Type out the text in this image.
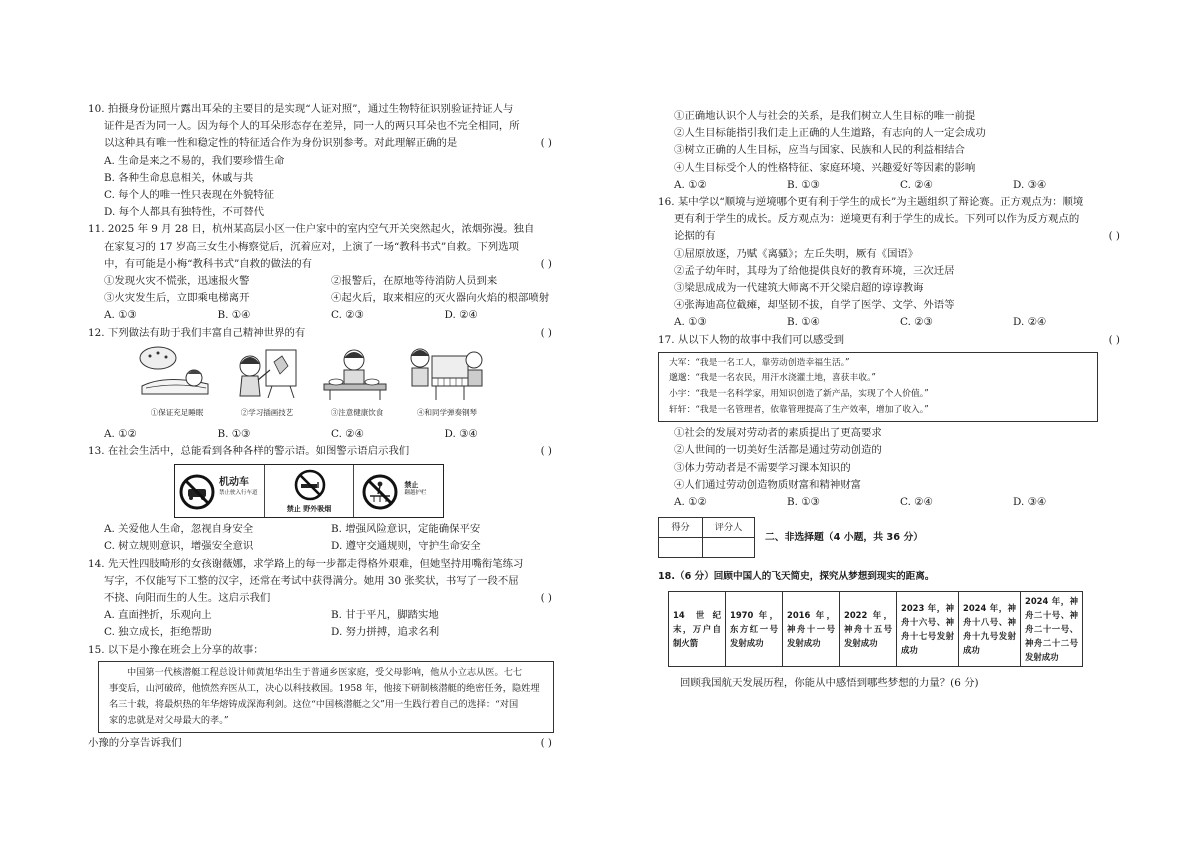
10. 拍摄身份证照片露出耳朵的主要目的是实现“人证对照”，通过生物特征识别验证持证人与
证件是否为同一人。因为每个人的耳朵形态存在差异，同一人的两只耳朵也不完全相同，所
以这种具有唯一性和稳定性的特征适合作为身份识别参考。对此理解正确的是	( )
A. 生命是来之不易的，我们要珍惜生命
B. 各种生命息息相关，休戚与共
C. 每个人的唯一性只表现在外貌特征
D. 每个人都具有独特性，不可替代
11. 2025 年 9 月 28 日，杭州某高层小区一住户家中的室内空气开关突然起火，浓烟弥漫。独自
在家复习的 17 岁高三女生小梅察觉后，沉着应对，上演了一场“教科书式”自救。下列选项
中，有可能是小梅“教科书式”自救的做法的有	( )
①发现火灾不慌张，迅速报火警	②报警后，在原地等待消防人员到来
③火灾发生后，立即乘电梯离开	④起火后，取来相应的灭火器向火焰的根部喷射
A. ①③	B. ①④	C. ②③	D. ②④
12. 下列做法有助于我们丰富自己精神世界的有	( )
①保证充足睡眠	②学习插画技艺	③注意健康饮食	④和同学弹奏钢琴
A. ①②	B. ①③	C. ②④	D. ③④
13. 在社会生活中，总能看到各种各样的警示语。如图警示语启示我们	( )
机动车
禁止驶入行车道
禁止 野外吸烟
禁止
翻越护栏
A. 关爱他人生命，忽视自身安全	B. 增强风险意识，定能确保平安
C. 树立规则意识，增强安全意识	D. 遵守交通规则，守护生命安全
14. 先天性四肢畸形的女孩谢薇娜，求学路上的每一步都走得格外艰难，但她坚持用嘴衔笔练习
写字，不仅能写下工整的汉字，还常在考试中获得满分。她用 30 张奖状，书写了一段不屈
不挠、向阳而生的人生。这启示我们	( )
A. 直面挫折，乐观向上	B. 甘于平凡，脚踏实地
C. 独立成长，拒绝帮助	D. 努力拼搏，追求名利
15. 以下是小豫在班会上分享的故事：
中国第一代核潜艇工程总设计师黄旭华出生于普通乡医家庭，受父母影响，他从小立志从医。七七
事变后，山河破碎，他愤然弃医从工，决心以科技救国。1958 年，他接下研制核潜艇的绝密任务，隐姓埋
名三十载，将最炽热的年华熔铸成深海利剑。这位“中国核潜艇之父”用一生践行着自己的选择：“对国
家的忠就是对父母最大的孝。”
小豫的分享告诉我们	( )
①正确地认识个人与社会的关系，是我们树立人生目标的唯一前提
②人生目标能指引我们走上正确的人生道路，有志向的人一定会成功
③树立正确的人生目标，应当与国家、民族和人民的利益相结合
④人生目标受个人的性格特征、家庭环境、兴趣爱好等因素的影响
A. ①②	B. ①③	C. ②④	D. ③④
16. 某中学以“顺境与逆境哪个更有利于学生的成长”为主题组织了辩论赛。正方观点为：顺境
更有利于学生的成长。反方观点为：逆境更有利于学生的成长。下列可以作为反方观点的
论据的有	( )
①屈原放逐，乃赋《离骚》；左丘失明，厥有《国语》
②孟子幼年时，其母为了给他提供良好的教育环境，三次迁居
③梁思成成为一代建筑大师离不开父梁启超的谆谆教诲
④张海迪高位截瘫，却坚韧不拔，自学了医学、文学、外语等
A. ①③	B. ①④	C. ②③	D. ②④
17. 从以下人物的故事中我们可以感受到	( )
大军：“我是一名工人，靠劳动创造幸福生活。”
邈邈：“我是一名农民，用汗水浇灌土地，喜获丰收。”
小宇：“我是一名科学家，用知识创造了新产品，实现了个人价值。”
轩轩：“我是一名管理者，依靠管理提高了生产效率，增加了收入。”
①社会的发展对劳动者的素质提出了更高要求
②人世间的一切美好生活都是通过劳动创造的
③体力劳动者是不需要学习课本知识的
④人们通过劳动创造物质财富和精神财富
A. ①②	B. ①③	C. ②④	D. ③④
得分	评分人

二、非选择题（4 小题，共 36 分）
18.（6 分）回顾中国人的飞天简史，探究从梦想到现实的距离。
14 世纪末，万户自制火箭	1970 年，东方红一号发射成功	2016 年，神舟十一号发射成功	2022 年，神舟十五号发射成功	2023 年，神舟十六号、神舟十七号发射成功	2024 年，神舟十八号、神舟十九号发射成功	2024 年，神舟二十号、神舟二十一号、神舟二十二号发射成功
回顾我国航天发展历程，你能从中感悟到哪些梦想的力量？(6 分)
